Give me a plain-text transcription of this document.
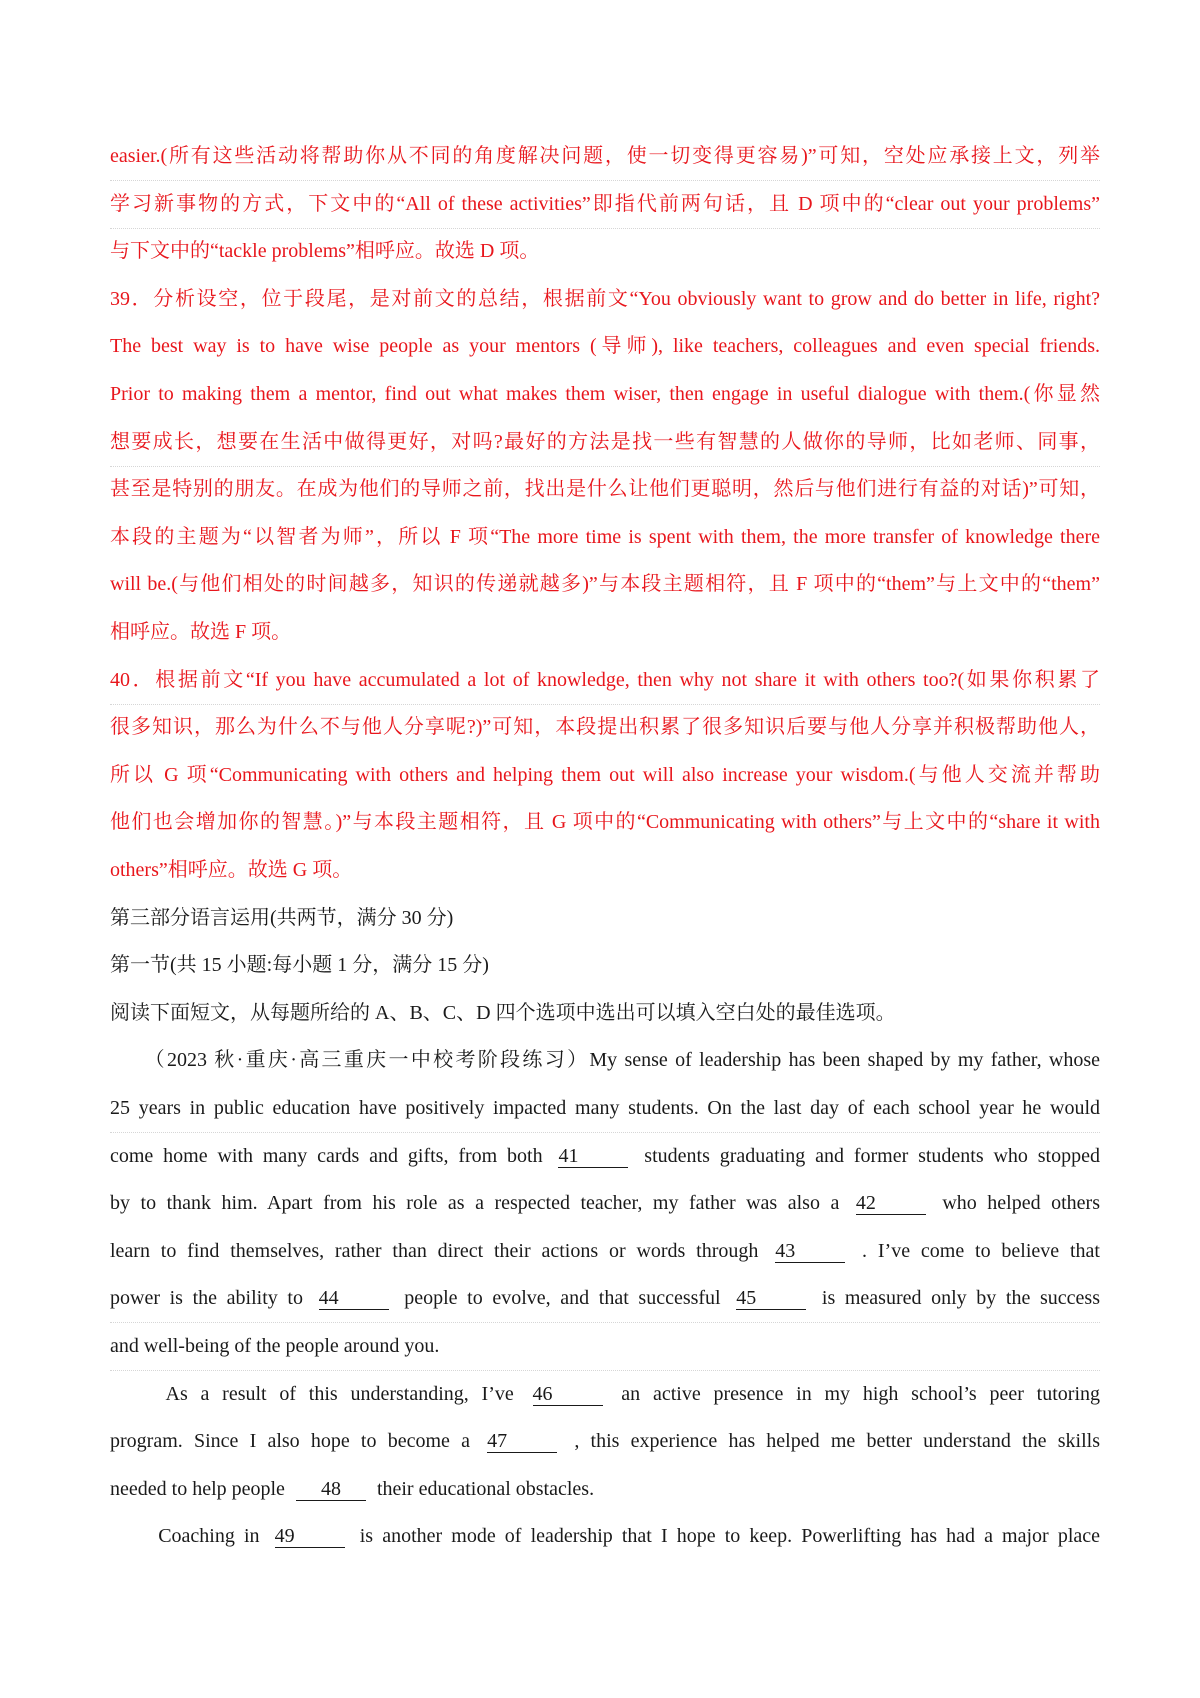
easier.(所有这些活动将帮助你从不同的角度解决问题，使一切变得更容易)”可知，空处应承接上文，列举
学习新事物的方式，下文中的“All of these activities”即指代前两句话，且 D 项中的“clear out your problems”
与下文中的“tackle problems”相呼应。故选 D 项。
39．分析设空，位于段尾，是对前文的总结，根据前文“You obviously want to grow and do better in life, right?
The best way is to have wise people as your mentors (导师), like teachers, colleagues and even special friends.
Prior to making them a mentor, find out what makes them wiser, then engage in useful dialogue with them.(你显然
想要成长，想要在生活中做得更好，对吗?最好的方法是找一些有智慧的人做你的导师，比如老师、同事，
甚至是特别的朋友。在成为他们的导师之前，找出是什么让他们更聪明，然后与他们进行有益的对话)”可知，
本段的主题为“以智者为师”，所以 F 项“The more time is spent with them, the more transfer of knowledge there
will be.(与他们相处的时间越多，知识的传递就越多)”与本段主题相符，且 F 项中的“them”与上文中的“them”
相呼应。故选 F 项。
40．根据前文“If you have accumulated a lot of knowledge, then why not share it with others too?(如果你积累了
很多知识，那么为什么不与他人分享呢?)”可知，本段提出积累了很多知识后要与他人分享并积极帮助他人，
所以 G 项“Communicating with others and helping them out will also increase your wisdom.(与他人交流并帮助
他们也会增加你的智慧。)”与本段主题相符，且 G 项中的“Communicating with others”与上文中的“share it with
others”相呼应。故选 G 项。
第三部分语言运用(共两节，满分 30 分)
第一节(共 15 小题:每小题 1 分，满分 15 分)
阅读下面短文，从每题所给的 A、B、C、D 四个选项中选出可以填入空白处的最佳选项。
　　（2023 秋·重庆·高三重庆一中校考阶段练习）My sense of leadership has been shaped by my father, whose
25 years in public education have positively impacted many students. On the last day of each school year he would
come home with many cards and gifts, from both 41	students graduating and former students who stopped
by to thank him. Apart from his role as a respected teacher, my father was also a 42	who helped others
learn to find themselves, rather than direct their actions or words through 43	. I’ve come to believe that
power is the ability to 44	people to evolve, and that successful 45	is measured only by the success
and well-being of the people around you.
　　As a result of this understanding, I’ve 46	an active presence in my high school’s peer tutoring
program. Since I also hope to become a 47	, this experience has helped me better understand the skills
needed to help people 48 their educational obstacles.
　　Coaching in 49	is another mode of leadership that I hope to keep. Powerlifting has had a major place
